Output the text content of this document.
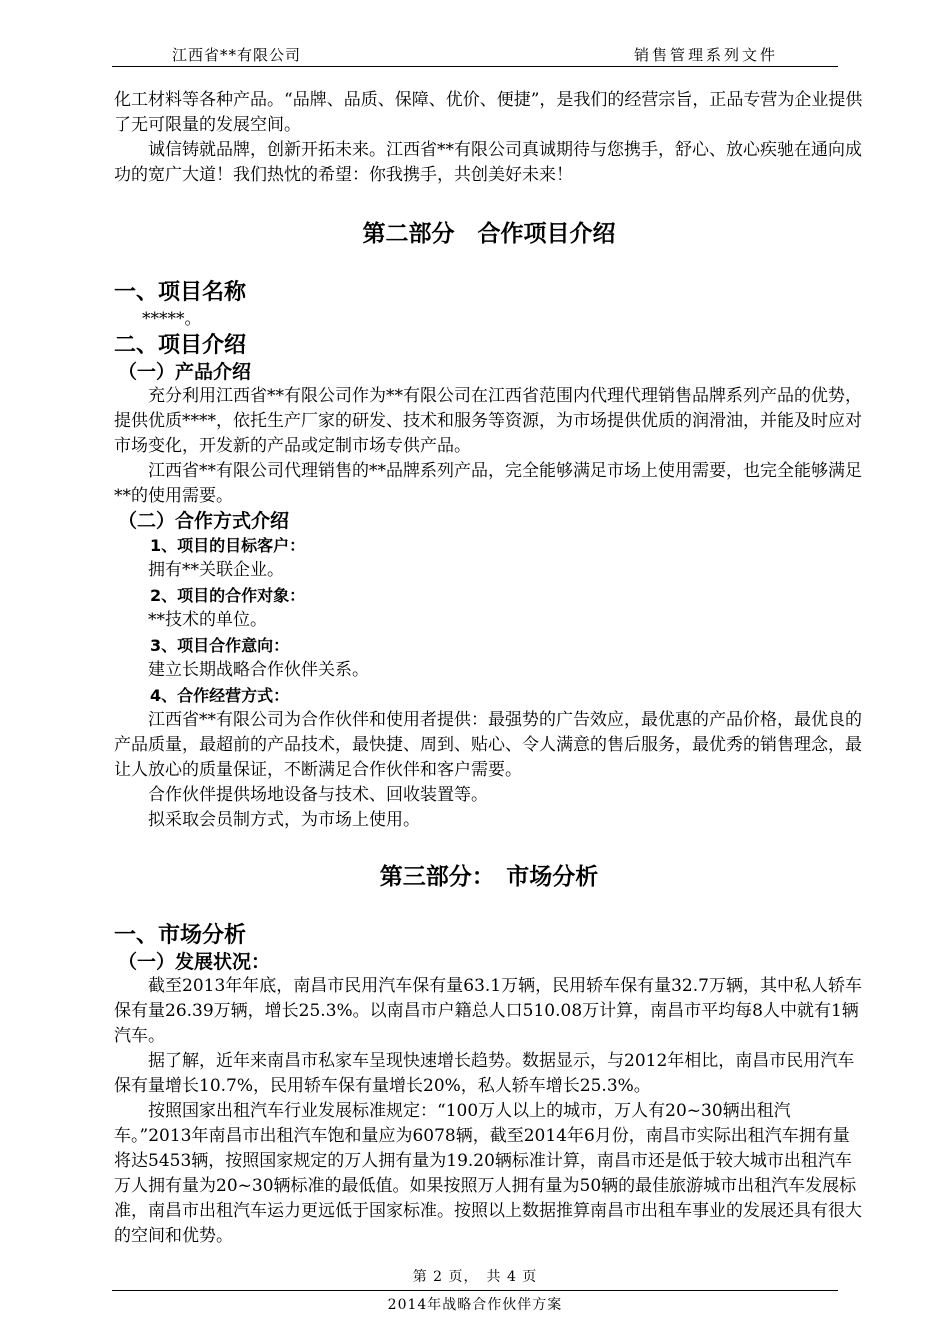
江西省**有限公司	销售管理系列文件

化工材料等各种产品。“品牌、品质、保障、优价、便捷”，是我们的经营宗旨，正品专营为企业提供了无可限量的发展空间。

诚信铸就品牌，创新开拓未来。江西省**有限公司真诚期待与您携手，舒心、放心疾驰在通向成功的宽广大道！我们热忱的希望：你我携手，共创美好未来！

第二部分　合作项目介绍
一、项目名称

*****。

二、项目介绍
（一）产品介绍

充分利用江西省**有限公司作为**有限公司在江西省范围内代理代理销售品牌系列产品的优势，提供优质****，依托生产厂家的研发、技术和服务等资源，为市场提供优质的润滑油，并能及时应对市场变化，开发新的产品或定制市场专供产品。

江西省**有限公司代理销售的**品牌系列产品，完全能够满足市场上使用需要，也完全能够满足**的使用需要。

（二）合作方式介绍
1、项目的目标客户：

拥有**关联企业。

2、项目的合作对象：

**技术的单位。

3、项目合作意向：

建立长期战略合作伙伴关系。

4、合作经营方式：

江西省**有限公司为合作伙伴和使用者提供：最强势的广告效应，最优惠的产品价格，最优良的产品质量，最超前的产品技术，最快捷、周到、贴心、令人满意的售后服务，最优秀的销售理念，最让人放心的质量保证，不断满足合作伙伴和客户需要。

合作伙伴提供场地设备与技术、回收装置等。

拟采取会员制方式，为市场上使用。

第三部分：　市场分析
一、市场分析
（一）发展状况：

截至2013年年底，南昌市民用汽车保有量63.1万辆，民用轿车保有量32.7万辆，其中私人轿车保有量26.39万辆，增长25.3%。以南昌市户籍总人口510.08万计算，南昌市平均每8人中就有1辆汽车。

据了解，近年来南昌市私家车呈现快速增长趋势。数据显示，与2012年相比，南昌市民用汽车保有量增长10.7%，民用轿车保有量增长20%，私人轿车增长25.3%。

按照国家出租汽车行业发展标准规定：“100万人以上的城市，万人有20~30辆出租汽车。”2013年南昌市出租汽车饱和量应为6078辆，截至2014年6月份，南昌市实际出租汽车拥有量将达5453辆，按照国家规定的万人拥有量为19.20辆标准计算，南昌市还是低于较大城市出租汽车万人拥有量为20~30辆标准的最低值。如果按照万人拥有量为50辆的最佳旅游城市出租汽车发展标准，南昌市出租汽车运力更远低于国家标准。按照以上数据推算南昌市出租车事业的发展还具有很大的空间和优势。

第 2 页，　共 4 页
2014年战略合作伙伴方案
